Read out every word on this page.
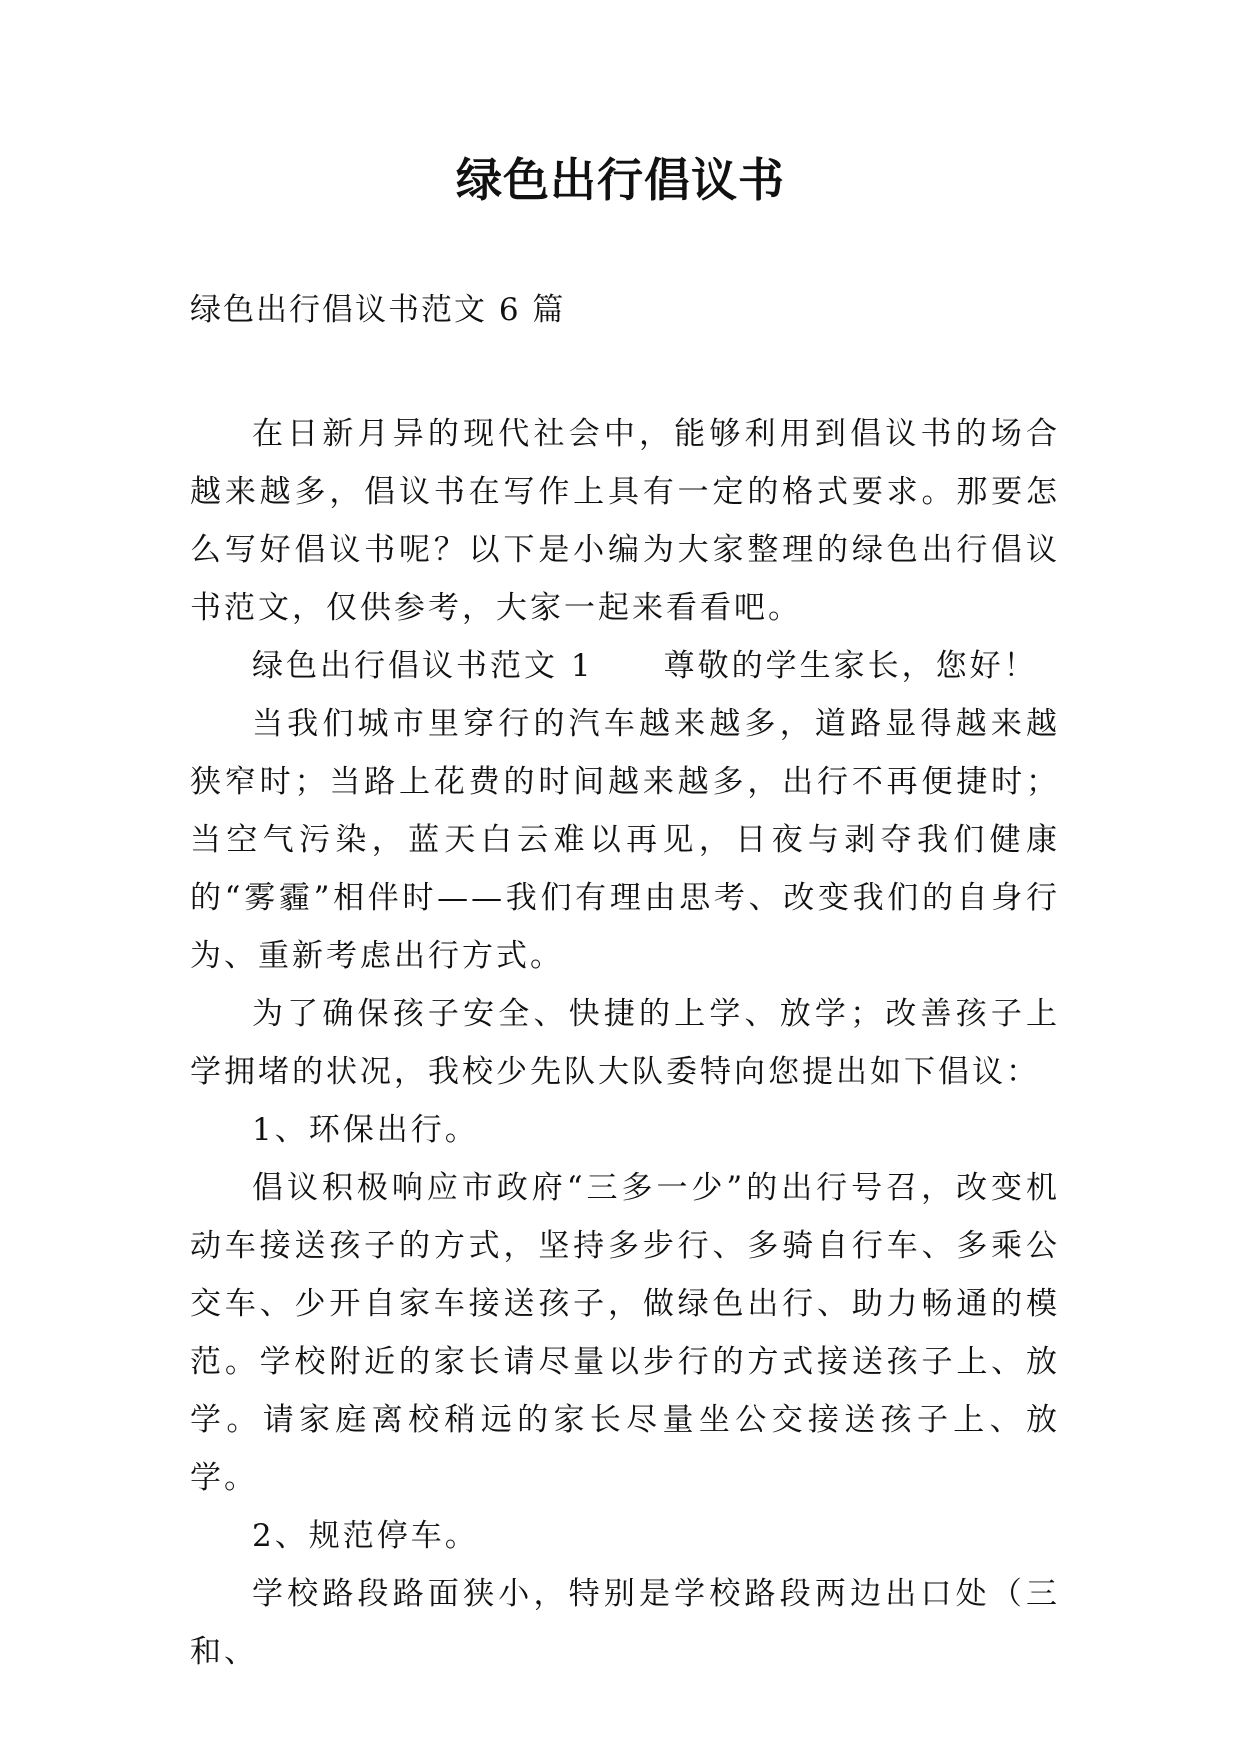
绿色出行倡议书
绿色出行倡议书范文 6 篇

在日新月异的现代社会中，能够利用到倡议书的场合越来越多，倡议书在写作上具有一定的格式要求。那要怎么写好倡议书呢？以下是小编为大家整理的绿色出行倡议书范文，仅供参考，大家一起来看看吧。

绿色出行倡议书范文 1 尊敬的学生家长，您好！

当我们城市里穿行的汽车越来越多，道路显得越来越狭窄时；当路上花费的时间越来越多，出行不再便捷时；当空气污染，蓝天白云难以再见，日夜与剥夺我们健康的“雾霾”相伴时——我们有理由思考、改变我们的自身行为、重新考虑出行方式。

为了确保孩子安全、快捷的上学、放学；改善孩子上学拥堵的状况，我校少先队大队委特向您提出如下倡议：

1、环保出行。

倡议积极响应市政府“三多一少”的出行号召，改变机动车接送孩子的方式，坚持多步行、多骑自行车、多乘公交车、少开自家车接送孩子，做绿色出行、助力畅通的模范。学校附近的家长请尽量以步行的方式接送孩子上、放学。请家庭离校稍远的家长尽量坐公交接送孩子上、放学。

2、规范停车。

学校路段路面狭小，特别是学校路段两边出口处（三和、
